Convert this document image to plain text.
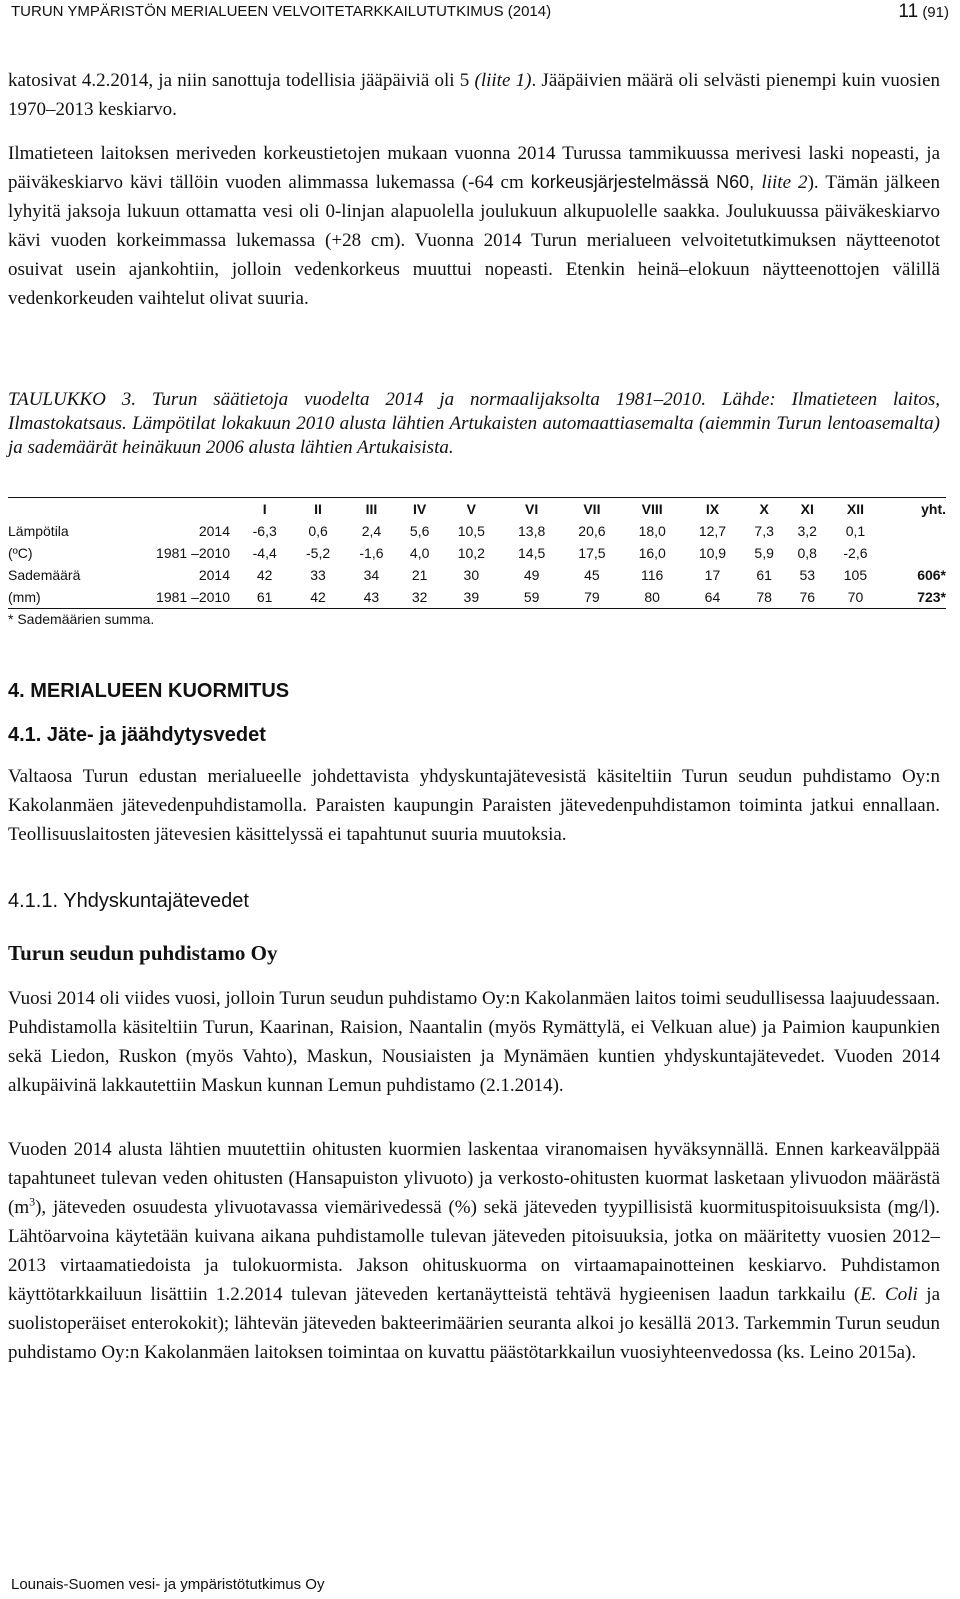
TURUN YMPÄRISTÖN MERIALUEEN VELVOITETARKKAILUTUTKIMUS (2014)	11 (91)

katosivat 4.2.2014, ja niin sanottuja todellisia jääpäiviä oli 5 (liite 1). Jääpäivien määrä oli selvästi pienempi kuin vuosien 1970–2013 keskiarvo.

Ilmatieteen laitoksen meriveden korkeustietojen mukaan vuonna 2014 Turussa tammikuussa merivesi laski nopeasti, ja päiväkeskiarvo kävi tällöin vuoden alimmassa lukemassa (-64 cm korkeusjärjestelmässä N60, liite 2). Tämän jälkeen lyhyitä jaksoja lukuun ottamatta vesi oli 0-linjan alapuolella joulukuun alkupuolelle saakka. Joulukuussa päiväkeskiarvo kävi vuoden korkeimmassa lukemassa (+28 cm). Vuonna 2014 Turun merialueen velvoitetutkimuksen näytteenotot osuivat usein ajankohtiin, jolloin vedenkorkeus muuttui nopeasti. Etenkin heinä–elokuun näytteenottojen välillä vedenkorkeuden vaihtelut olivat suuria.

TAULUKKO 3. Turun säätietoja vuodelta 2014 ja normaalijaksolta 1981–2010. Lähde: Ilmatieteen laitos, Ilmastokatsaus. Lämpötilat lokakuun 2010 alusta lähtien Artukaisten automaattiasemalta (aiemmin Turun lentoasemalta) ja sademäärät heinäkuun 2006 alusta lähtien Artukaisista.
		I	II	III	IV	V	VI	VII	VIII	IX	X	XI	XII	yht.
Lämpötila	2014	-6,3	0,6	2,4	5,6	10,5	13,8	20,6	18,0	12,7	7,3	3,2	0,1	
(ºC)	1981 –2010	-4,4	-5,2	-1,6	4,0	10,2	14,5	17,5	16,0	10,9	5,9	0,8	-2,6	
Sademäärä	2014	42	33	34	21	30	49	45	116	17	61	53	105	606*
(mm)	1981 –2010	61	42	43	32	39	59	79	80	64	78	76	70	723*
* Sademäärien summa.
4. MERIALUEEN KUORMITUS
4.1. Jäte- ja jäähdytysvedet
Valtaosa Turun edustan merialueelle johdettavista yhdyskuntajätevesistä käsiteltiin Turun seudun puhdistamo Oy:n Kakolanmäen jätevedenpuhdistamolla. Paraisten kaupungin Paraisten jätevedenpuhdistamon toiminta jatkui ennallaan. Teollisuuslaitosten jätevesien käsittelyssä ei tapahtunut suuria muutoksia.
4.1.1. Yhdyskuntajätevedet
Turun seudun puhdistamo Oy
Vuosi 2014 oli viides vuosi, jolloin Turun seudun puhdistamo Oy:n Kakolanmäen laitos toimi seudullisessa laajuudessaan. Puhdistamolla käsiteltiin Turun, Kaarinan, Raision, Naantalin (myös Rymättylä, ei Velkuan alue) ja Paimion kaupunkien sekä Liedon, Ruskon (myös Vahto), Maskun, Nousiaisten ja Mynämäen kuntien yhdyskuntajätevedet. Vuoden 2014 alkupäivinä lakkautettiin Maskun kunnan Lemun puhdistamo (2.1.2014).

Vuoden 2014 alusta lähtien muutettiin ohitusten kuormien laskentaa viranomaisen hyväksynnällä. Ennen karkeavälppää tapahtuneet tulevan veden ohitusten (Hansapuiston ylivuoto) ja verkosto-ohitusten kuormat lasketaan ylivuodon määrästä $(m^3)$, jäteveden osuudesta ylivuotavassa viemärivedessä (%) sekä jäteveden tyypillisistä kuormituspitoisuuksista (mg/l). Lähtöarvoina käytetään kuivana aikana puhdistamolle tulevan jäteveden pitoisuuksia, jotka on määritetty vuosien 2012–2013 virtaamatiedoista ja tulokuormista. Jakson ohituskuorma on virtaamapainotteinen keskiarvo. Puhdistamon käyttötarkkailuun lisättiin 1.2.2014 tulevan jäteveden kertanäytteistä tehtävä hygieenisen laadun tarkkailu (E. Coli ja suolistoperäiset enterokokit); lähtevän jäteveden bakteerimäärien seuranta alkoi jo kesällä 2013. Tarkemmin Turun seudun puhdistamo Oy:n Kakolanmäen laitoksen toimintaa on kuvattu päästötarkkailun vuosiyhteenvedossa (ks. Leino 2015a).

Lounais-Suomen vesi- ja ympäristötutkimus Oy
